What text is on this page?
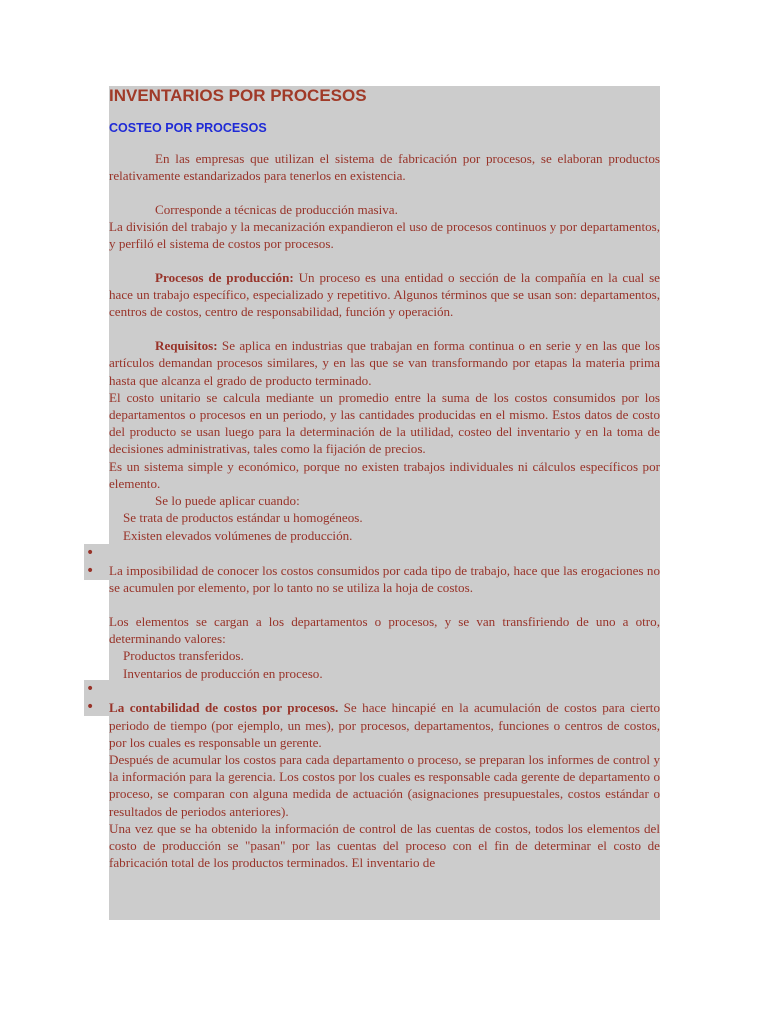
INVENTARIOS POR PROCESOS
COSTEO POR PROCESOS

En las empresas que utilizan el sistema de fabricación por procesos, se elaboran productos relativamente estandarizados para tenerlos en existencia.

Corresponde a técnicas de producción masiva.

La división del trabajo y la mecanización expandieron el uso de procesos continuos y por departamentos, y perfiló el sistema de costos por procesos.

Procesos de producción: Un proceso es una entidad o sección de la compañía en la cual se hace un trabajo específico, especializado y repetitivo. Algunos términos que se usan son: departamentos, centros de costos, centro de responsabilidad, función y operación.

Requisitos: Se aplica en industrias que trabajan en forma continua o en serie y en las que los artículos demandan procesos similares, y en las que se van transformando por etapas la materia prima hasta que alcanza el grado de producto terminado.

El costo unitario se calcula mediante un promedio entre la suma de los costos consumidos por los departamentos o procesos en un periodo, y las cantidades producidas en el mismo. Estos datos de costo del producto se usan luego para la determinación de la utilidad, costeo del inventario y en la toma de decisiones administrativas, tales como la fijación de precios.

Es un sistema simple y económico, porque no existen trabajos individuales ni cálculos específicos por elemento.

Se lo puede aplicar cuando:

Se trata de productos estándar u homogéneos.
Existen elevados volúmenes de producción.

La imposibilidad de conocer los costos consumidos por cada tipo de trabajo, hace que las erogaciones no se acumulen por elemento, por lo tanto no se utiliza la hoja de costos.

Los elementos se cargan a los departamentos o procesos, y se van transfiriendo de uno a otro, determinando valores:

Productos transferidos.
Inventarios de producción en proceso.

La contabilidad de costos por procesos. Se hace hincapié en la acumulación de costos para cierto periodo de tiempo (por ejemplo, un mes), por procesos, departamentos, funciones o centros de costos, por los cuales es responsable un gerente.

Después de acumular los costos para cada departamento o proceso, se preparan los informes de control y la información para la gerencia. Los costos por los cuales es responsable cada gerente de departamento o proceso, se comparan con alguna medida de actuación (asignaciones presupuestales, costos estándar o resultados de periodos anteriores).

Una vez que se ha obtenido la información de control de las cuentas de costos, todos los elementos del costo de producción se "pasan" por las cuentas del proceso con el fin de determinar el costo de fabricación total de los productos terminados. El inventario de

•
•
•
•
